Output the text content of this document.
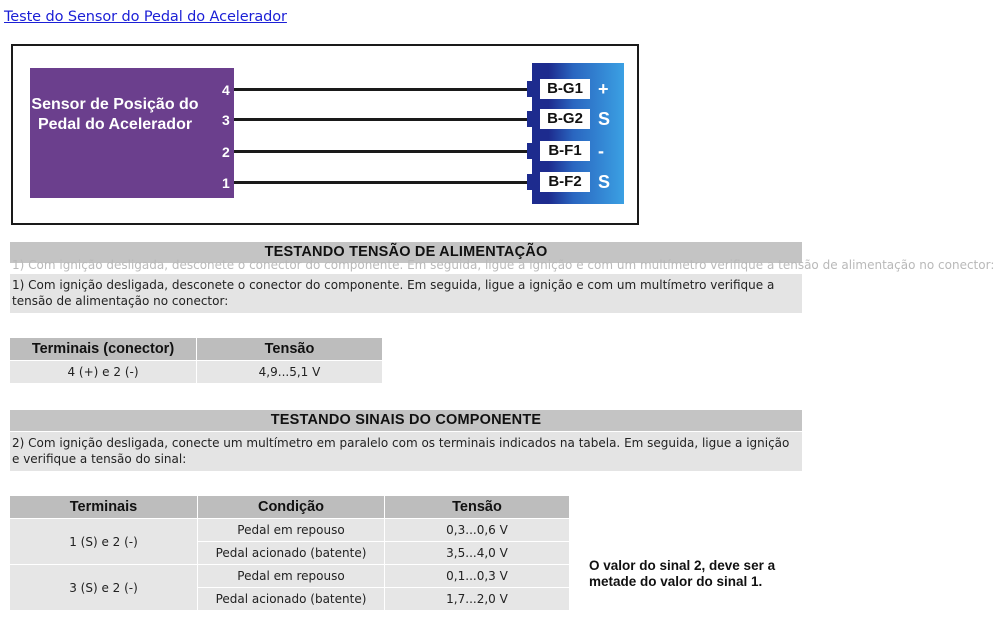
Teste do Sensor do Pedal do Acelerador
Sensor de Posição do Pedal do Acelerador
4
3
2
1
B-G1
B-G2
B-F1
B-F2
+
S
-
S
TESTANDO TENSÃO DE ALIMENTAÇÃO
1) Com ignição desligada, desconete o conector do componente. Em seguida, ligue a ignição e com um multímetro verifique a tensão de alimentação no conector:
1) Com ignição desligada, desconete o conector do componente. Em seguida, ligue a ignição e com um multímetro verifique a tensão de alimentação no conector:
Terminais (conector)	Tensão
4 (+) e 2 (-)	4,9...5,1 V
TESTANDO SINAIS DO COMPONENTE
2) Com ignição desligada, conecte um multímetro em paralelo com os terminais indicados na tabela. Em seguida, ligue a ignição e verifique a tensão do sinal:
Terminais	Condição	Tensão
1 (S) e 2 (-)	Pedal em repouso	0,3...0,6 V
	Pedal acionado (batente)	3,5...4,0 V
3 (S) e 2 (-)	Pedal em repouso	0,1...0,3 V
	Pedal acionado (batente)	1,7...2,0 V
O valor do sinal 2, deve ser a metade do valor do sinal 1.
